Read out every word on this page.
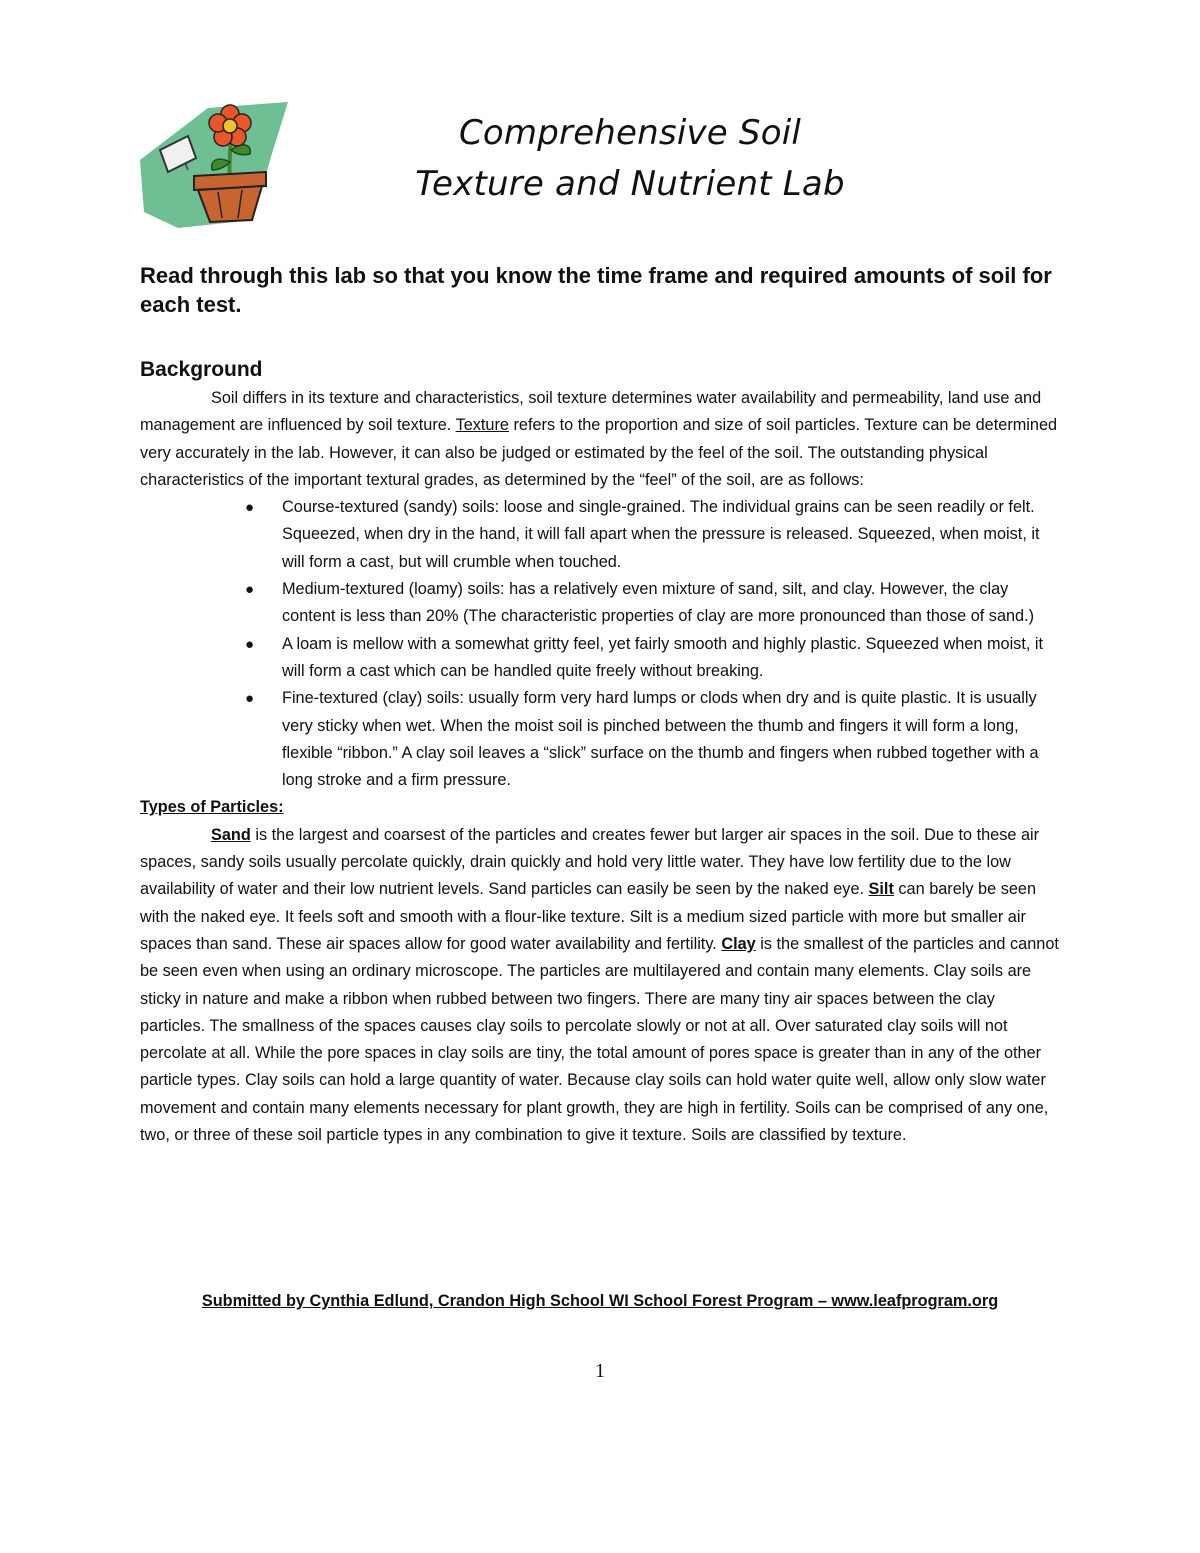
Comprehensive Soil
Texture and Nutrient Lab

Read through this lab so that you know the time frame and required amounts of soil for each test.

Background

Soil differs in its texture and characteristics, soil texture determines water availability and permeability, land use and management are influenced by soil texture. Texture refers to the proportion and size of soil particles. Texture can be determined very accurately in the lab. However, it can also be judged or estimated by the feel of the soil. The outstanding physical characteristics of the important textural grades, as determined by the “feel” of the soil, are as follows:

● Course-textured (sandy) soils: loose and single-grained. The individual grains can be seen readily or felt. Squeezed, when dry in the hand, it will fall apart when the pressure is released. Squeezed, when moist, it will form a cast, but will crumble when touched.
● Medium-textured (loamy) soils: has a relatively even mixture of sand, silt, and clay. However, the clay content is less than 20% (The characteristic properties of clay are more pronounced than those of sand.)
● A loam is mellow with a somewhat gritty feel, yet fairly smooth and highly plastic. Squeezed when moist, it will form a cast which can be handled quite freely without breaking.
● Fine-textured (clay) soils: usually form very hard lumps or clods when dry and is quite plastic. It is usually very sticky when wet. When the moist soil is pinched between the thumb and fingers it will form a long, flexible “ribbon.” A clay soil leaves a “slick” surface on the thumb and fingers when rubbed together with a long stroke and a firm pressure.

Types of Particles:

Sand is the largest and coarsest of the particles and creates fewer but larger air spaces in the soil. Due to these air spaces, sandy soils usually percolate quickly, drain quickly and hold very little water. They have low fertility due to the low availability of water and their low nutrient levels. Sand particles can easily be seen by the naked eye. Silt can barely be seen with the naked eye. It feels soft and smooth with a flour-like texture. Silt is a medium sized particle with more but smaller air spaces than sand. These air spaces allow for good water availability and fertility. Clay is the smallest of the particles and cannot be seen even when using an ordinary microscope. The particles are multilayered and contain many elements. Clay soils are sticky in nature and make a ribbon when rubbed between two fingers. There are many tiny air spaces between the clay particles. The smallness of the spaces causes clay soils to percolate slowly or not at all. Over saturated clay soils will not percolate at all. While the pore spaces in clay soils are tiny, the total amount of pores space is greater than in any of the other particle types. Clay soils can hold a large quantity of water. Because clay soils can hold water quite well, allow only slow water movement and contain many elements necessary for plant growth, they are high in fertility. Soils can be comprised of any one, two, or three of these soil particle types in any combination to give it texture. Soils are classified by texture.

Submitted by Cynthia Edlund, Crandon High School WI School Forest Program – www.leafprogram.org

1
